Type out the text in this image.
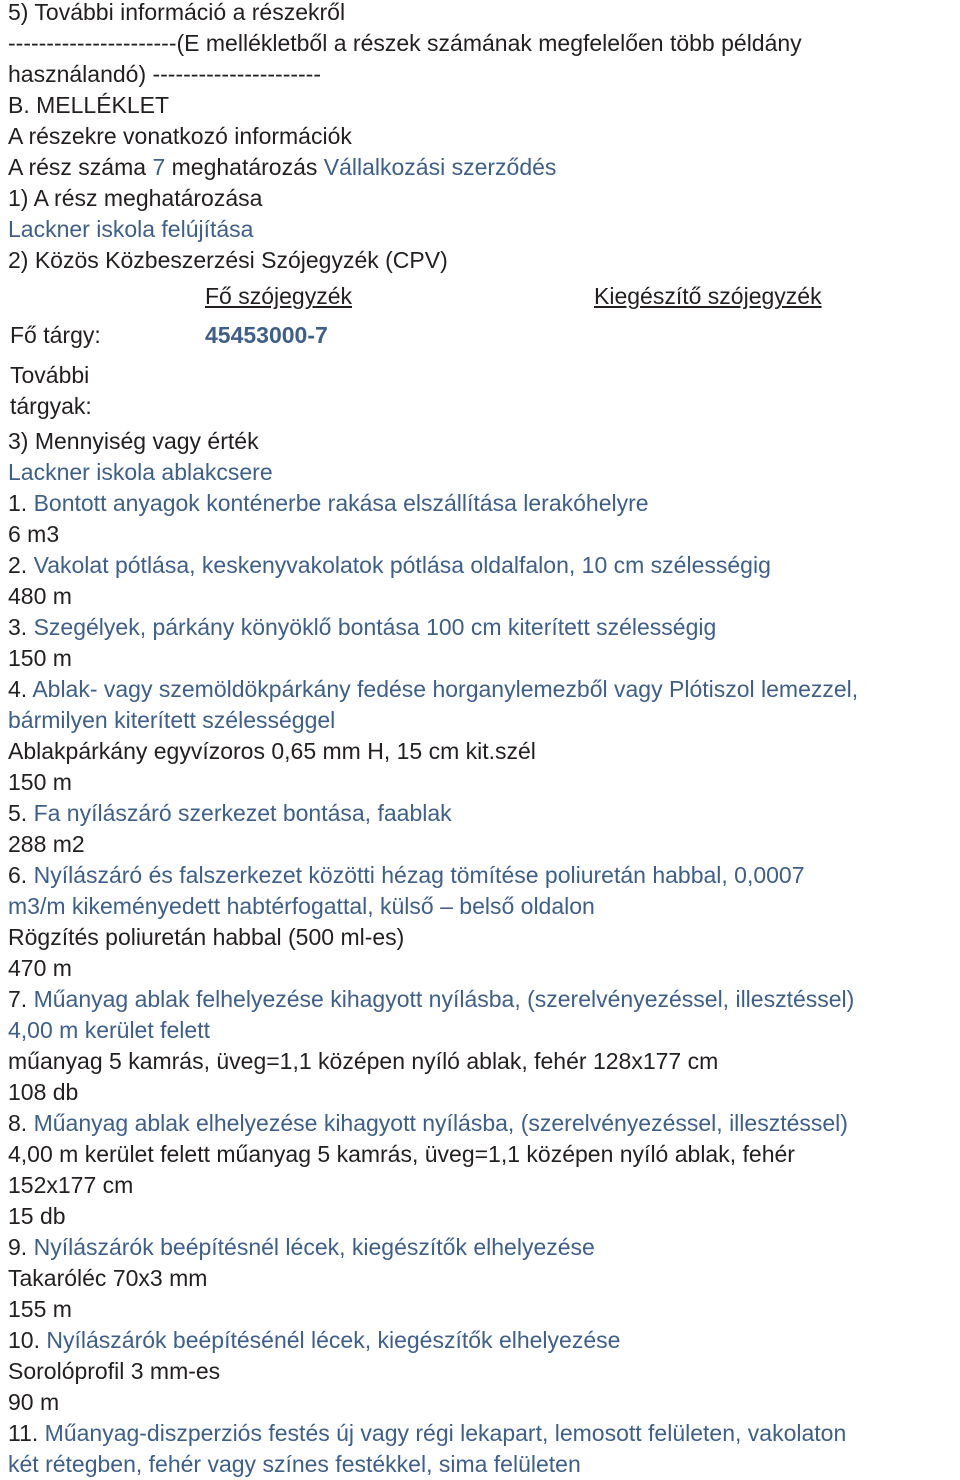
5) További információ a részekről
----------------------(E mellékletből a részek számának megfelelően több példány
használandó) ----------------------
B. MELLÉKLET
A részekre vonatkozó információk
A rész száma 7 meghatározás Vállalkozási szerződés
1) A rész meghatározása
Lackner iskola felújítása
2) Közös Közbeszerzési Szójegyzék (CPV)
Fő szójegyzék	Kiegészítő szójegyzék
Fő tárgy:	45453000-7
További
tárgyak:
3) Mennyiség vagy érték
Lackner iskola ablakcsere
1. Bontott anyagok konténerbe rakása elszállítása lerakóhelyre
6 m3
2. Vakolat pótlása, keskenyvakolatok pótlása oldalfalon, 10 cm szélességig
480 m
3. Szegélyek, párkány könyöklő bontása 100 cm kiterített szélességig
150 m
4. Ablak- vagy szemöldökpárkány fedése horganylemezből vagy Plótiszol lemezzel,
bármilyen kiterített szélességgel
Ablakpárkány egyvízoros 0,65 mm H, 15 cm kit.szél
150 m
5. Fa nyílászáró szerkezet bontása, faablak
288 m2
6. Nyílászáró és falszerkezet közötti hézag tömítése poliuretán habbal, 0,0007
m3/m kikeményedett habtérfogattal, külső – belső oldalon
Rögzítés poliuretán habbal (500 ml-es)
470 m
7. Műanyag ablak felhelyezése kihagyott nyílásba, (szerelvényezéssel, illesztéssel)
4,00 m kerület felett
műanyag 5 kamrás, üveg=1,1 középen nyíló ablak, fehér 128x177 cm
108 db
8. Műanyag ablak elhelyezése kihagyott nyílásba, (szerelvényezéssel, illesztéssel)
4,00 m kerület felett műanyag 5 kamrás, üveg=1,1 középen nyíló ablak, fehér
152x177 cm
15 db
9. Nyílászárók beépítésnél lécek, kiegészítők elhelyezése
Takaróléc 70x3 mm
155 m
10. Nyílászárók beépítésénél lécek, kiegészítők elhelyezése
Sorolóprofil 3 mm-es
90 m
11. Műanyag-diszperziós festés új vagy régi lekapart, lemosott felületen, vakolaton
két rétegben, fehér vagy színes festékkel, sima felületen
